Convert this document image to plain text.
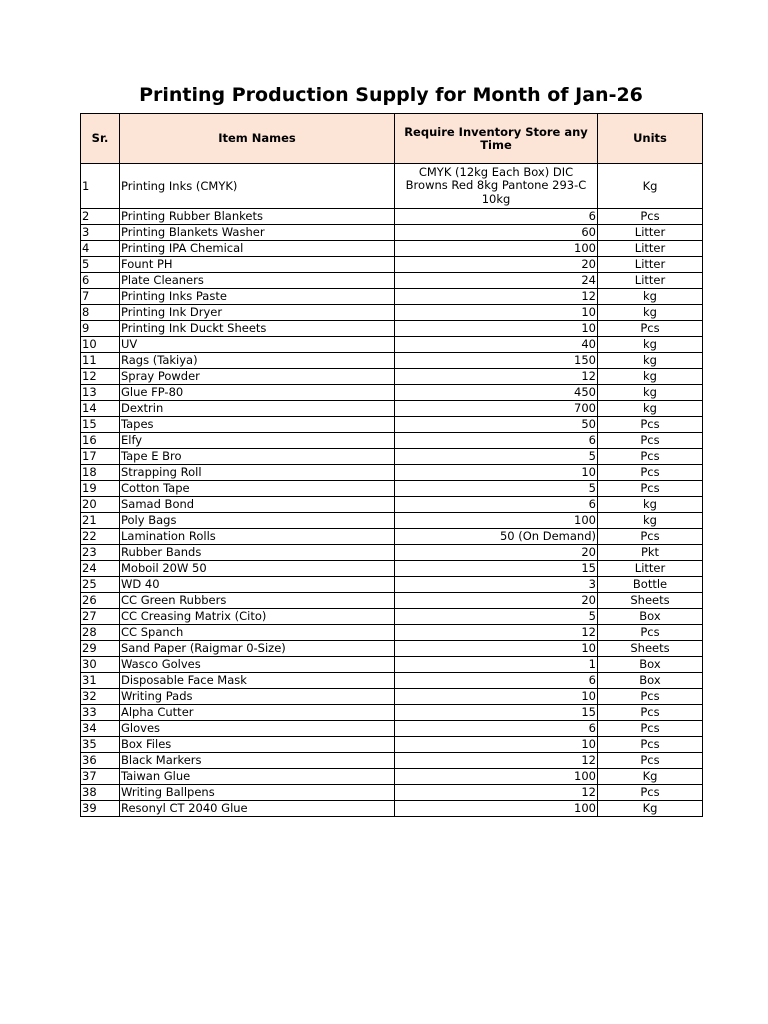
Printing Production Supply for Month of Jan-26
Sr.	Item Names	Require Inventory Store any Time	Units
1	Printing Inks (CMYK)	CMYK (12kg Each Box) DIC Browns Red 8kg Pantone 293-C 10kg	Kg
2	Printing Rubber Blankets	6	Pcs
3	Printing Blankets Washer	60	Litter
4	Printing IPA Chemical	100	Litter
5	Fount PH	20	Litter
6	Plate Cleaners	24	Litter
7	Printing Inks Paste	12	kg
8	Printing Ink Dryer	10	kg
9	Printing Ink Duckt Sheets	10	Pcs
10	UV	40	kg
11	Rags (Takiya)	150	kg
12	Spray Powder	12	kg
13	Glue FP-80	450	kg
14	Dextrin	700	kg
15	Tapes	50	Pcs
16	Elfy	6	Pcs
17	Tape E Bro	5	Pcs
18	Strapping Roll	10	Pcs
19	Cotton Tape	5	Pcs
20	Samad Bond	6	kg
21	Poly Bags	100	kg
22	Lamination Rolls	50 (On Demand)	Pcs
23	Rubber Bands	20	Pkt
24	Moboil 20W 50	15	Litter
25	WD 40	3	Bottle
26	CC Green Rubbers	20	Sheets
27	CC Creasing Matrix (Cito)	5	Box
28	CC Spanch	12	Pcs
29	Sand Paper (Raigmar 0-Size)	10	Sheets
30	Wasco Golves	1	Box
31	Disposable Face Mask	6	Box
32	Writing Pads	10	Pcs
33	Alpha Cutter	15	Pcs
34	Gloves	6	Pcs
35	Box Files	10	Pcs
36	Black Markers	12	Pcs
37	Taiwan Glue	100	Kg
38	Writing Ballpens	12	Pcs
39	Resonyl CT 2040 Glue	100	Kg
